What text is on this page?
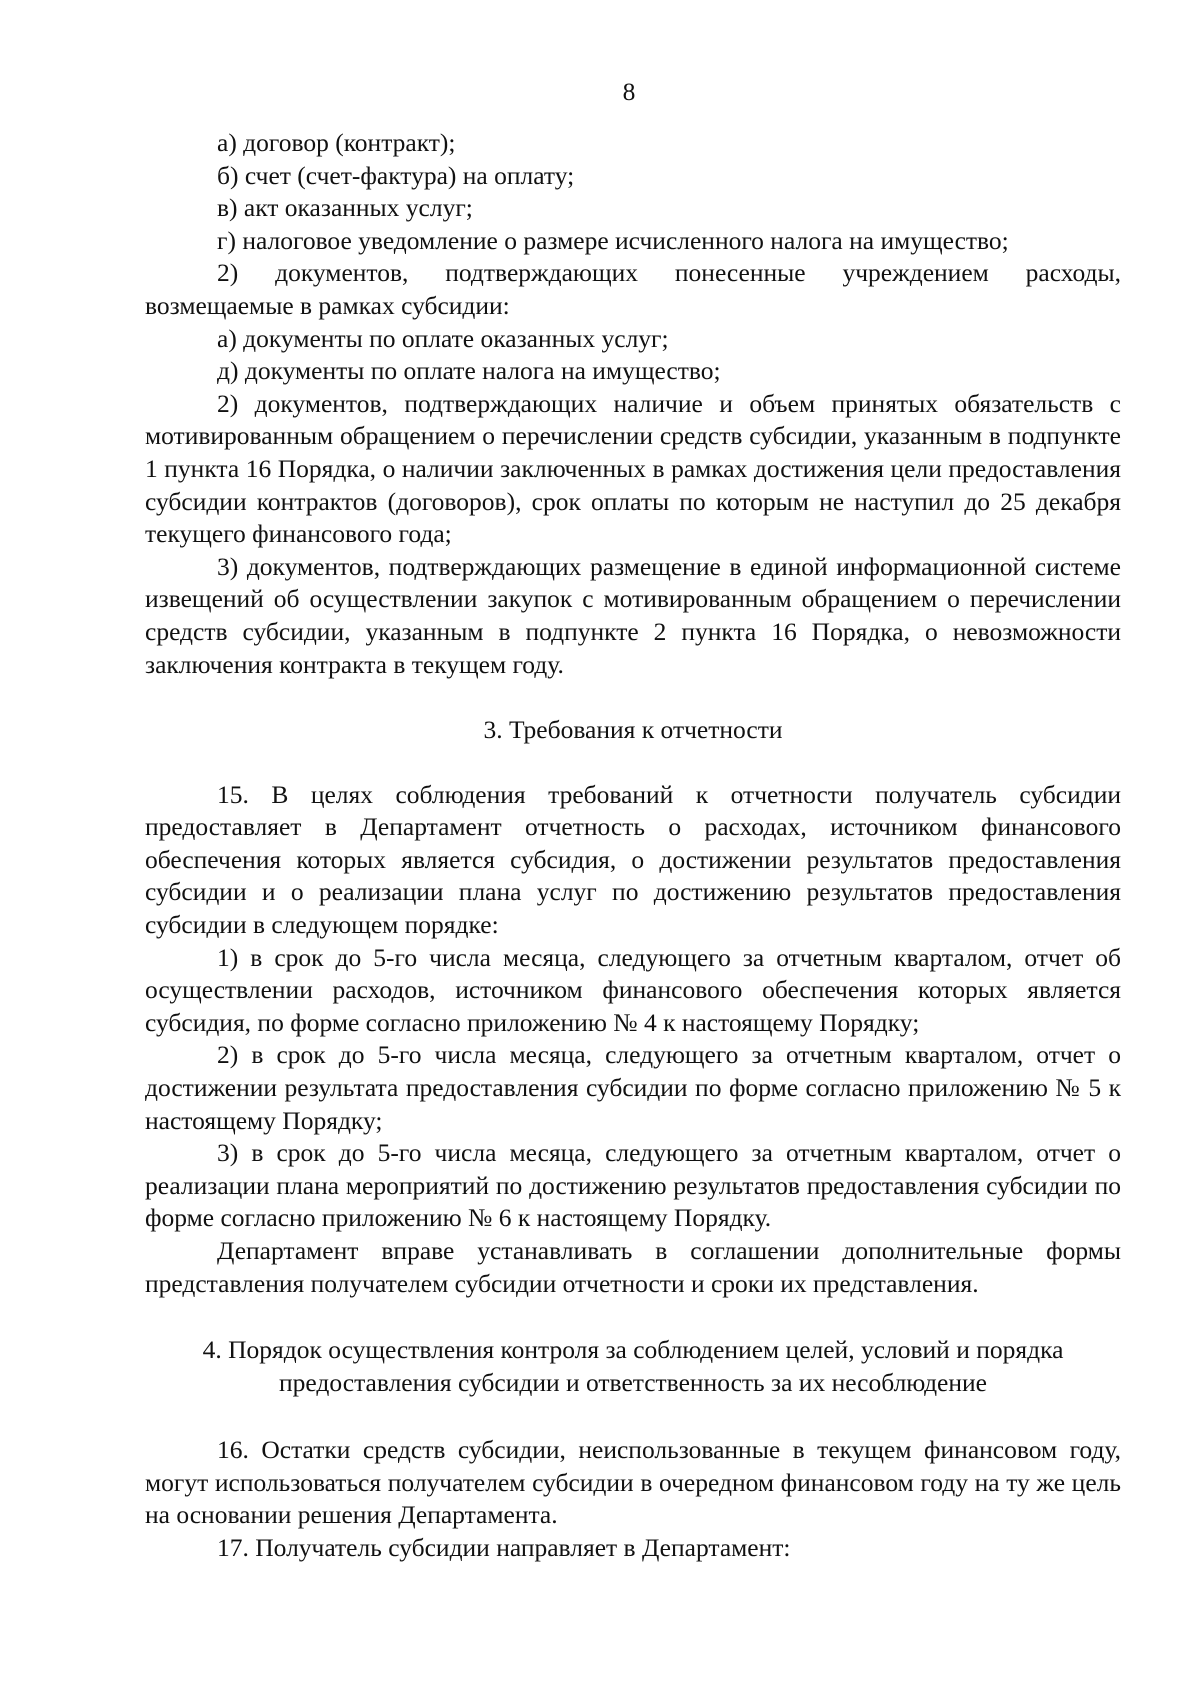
8

а) договор (контракт);

б) счет (счет-фактура) на оплату;

в) акт оказанных услуг;

г) налоговое уведомление о размере исчисленного налога на имущество;

2) документов, подтверждающих понесенные учреждением расходы, возмещаемые в рамках субсидии:

а) документы по оплате оказанных услуг;

д) документы по оплате налога на имущество;

2) документов, подтверждающих наличие и объем принятых обязательств с мотивированным обращением о перечислении средств субсидии, указанным в подпункте 1 пункта 16 Порядка, о наличии заключенных в рамках достижения цели предоставления субсидии контрактов (договоров), срок оплаты по которым не наступил до 25 декабря текущего финансового года;

3) документов, подтверждающих размещение в единой информационной системе извещений об осуществлении закупок с мотивированным обращением о перечислении средств субсидии, указанным в подпункте 2 пункта 16 Порядка, о невозможности заключения контракта в текущем году.

3. Требования к отчетности

15. В целях соблюдения требований к отчетности получатель субсидии предоставляет в Департамент отчетность о расходах, источником финансового обеспечения которых является субсидия, о достижении результатов предоставления субсидии и о реализации плана услуг по достижению результатов предоставления субсидии в следующем порядке:

1) в срок до 5-го числа месяца, следующего за отчетным кварталом, отчет об осуществлении расходов, источником финансового обеспечения которых является субсидия, по форме согласно приложению № 4 к настоящему Порядку;

2) в срок до 5-го числа месяца, следующего за отчетным кварталом, отчет о достижении результата предоставления субсидии по форме согласно приложению № 5 к настоящему Порядку;

3) в срок до 5-го числа месяца, следующего за отчетным кварталом, отчет о реализации плана мероприятий по достижению результатов предоставления субсидии по форме согласно приложению № 6 к настоящему Порядку.

Департамент вправе устанавливать в соглашении дополнительные формы представления получателем субсидии отчетности и сроки их представления.

4. Порядок осуществления контроля за соблюдением целей, условий и порядка
предоставления субсидии и ответственность за их несоблюдение

16. Остатки средств субсидии, неиспользованные в текущем финансовом году, могут использоваться получателем субсидии в очередном финансовом году на ту же цель на основании решения Департамента.

17. Получатель субсидии направляет в Департамент:
